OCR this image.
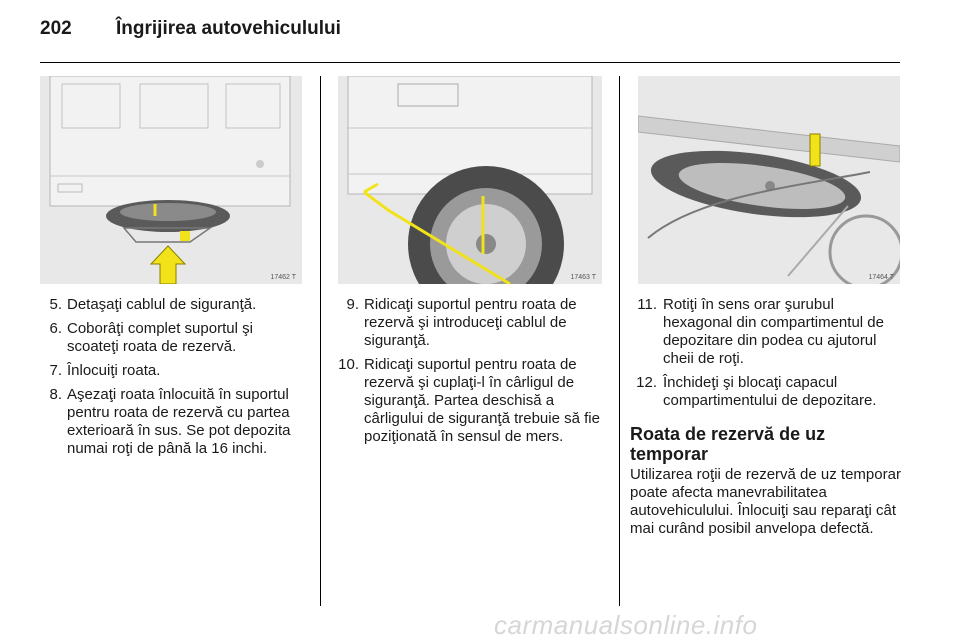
202	Îngrijirea autovehiculului
17462 T	17463 T	17464 T
5. Detaşaţi cablul de siguranţă.
6. Coborâţi complet suportul şi scoateţi roata de rezervă.
7. Înlocuiţi roata.
8. Aşezaţi roata înlocuită în suportul pentru roata de rezervă cu partea exterioară în sus. Se pot depozita numai roţi de până la 16 inchi.
9. Ridicaţi suportul pentru roata de rezervă şi introduceţi cablul de siguranţă.
10. Ridicaţi suportul pentru roata de rezervă şi cuplaţi-l în cârligul de siguranţă. Partea deschisă a cârligului de siguranţă trebuie să fie poziţionată în sensul de mers.
11. Rotiţi în sens orar şurubul hexagonal din compartimentul de depozitare din podea cu ajutorul cheii de roţi.
12. Închideţi şi blocaţi capacul compartimentului de depozitare.
Roata de rezervă de uz temporar
Utilizarea roţii de rezervă de uz temporar poate afecta manevrabilitatea autovehiculului. Înlocuiţi sau reparaţi cât mai curând posibil anvelopa defectă.
carmanualsonline.info
